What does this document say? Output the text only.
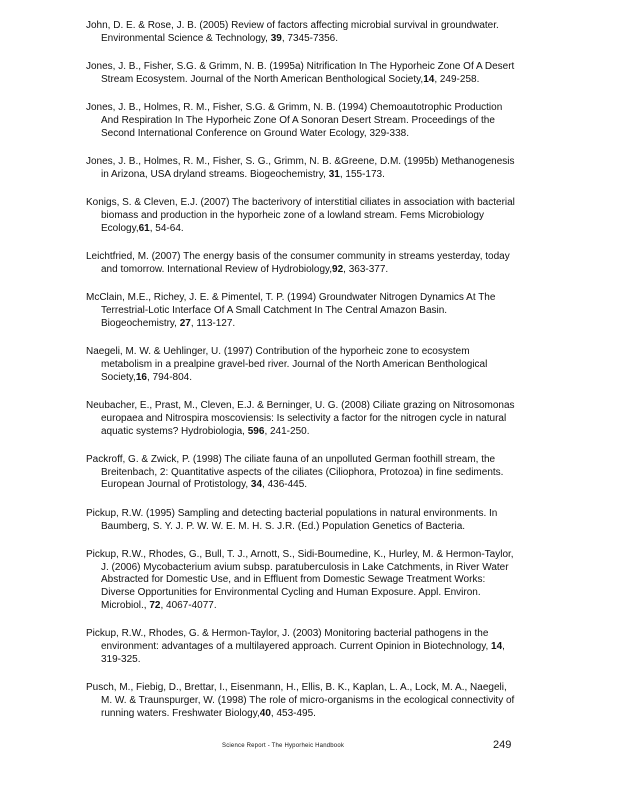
John, D. E. & Rose, J. B. (2005) Review of factors affecting microbial survival in groundwater. Environmental Science & Technology, 39, 7345-7356.

Jones, J. B., Fisher, S.G. & Grimm, N. B. (1995a) Nitrification In The Hyporheic Zone Of A Desert Stream Ecosystem. Journal of the North American Benthological Society,14, 249-258.

Jones, J. B., Holmes, R. M., Fisher, S.G. & Grimm, N. B. (1994) Chemoautotrophic Production And Respiration In The Hyporheic Zone Of A Sonoran Desert Stream. Proceedings of the Second International Conference on Ground Water Ecology, 329-338.

Jones, J. B., Holmes, R. M., Fisher, S. G., Grimm, N. B. &Greene, D.M. (1995b) Methanogenesis in Arizona, USA dryland streams. Biogeochemistry, 31, 155-173.

Konigs, S. & Cleven, E.J. (2007) The bacterivory of interstitial ciliates in association with bacterial biomass and production in the hyporheic zone of a lowland stream. Fems Microbiology Ecology,61, 54-64.

Leichtfried, M. (2007) The energy basis of the consumer community in streams yesterday, today and tomorrow. International Review of Hydrobiology,92, 363-377.

McClain, M.E., Richey, J. E. & Pimentel, T. P. (1994) Groundwater Nitrogen Dynamics At The Terrestrial-Lotic Interface Of A Small Catchment In The Central Amazon Basin. Biogeochemistry, 27, 113-127.

Naegeli, M. W. & Uehlinger, U. (1997) Contribution of the hyporheic zone to ecosystem metabolism in a prealpine gravel-bed river. Journal of the North American Benthological Society,16, 794-804.

Neubacher, E., Prast, M., Cleven, E.J. & Berninger, U. G. (2008) Ciliate grazing on Nitrosomonas europaea and Nitrospira moscoviensis: Is selectivity a factor for the nitrogen cycle in natural aquatic systems? Hydrobiologia, 596, 241-250.

Packroff, G. & Zwick, P. (1998) The ciliate fauna of an unpolluted German foothill stream, the Breitenbach, 2: Quantitative aspects of the ciliates (Ciliophora, Protozoa) in fine sediments. European Journal of Protistology, 34, 436-445.

Pickup, R.W. (1995) Sampling and detecting bacterial populations in natural environments. In Baumberg, S. Y. J. P. W. W. E. M. H. S. J.R. (Ed.) Population Genetics of Bacteria.

Pickup, R.W., Rhodes, G., Bull, T. J., Arnott, S., Sidi-Boumedine, K., Hurley, M. & Hermon-Taylor, J. (2006) Mycobacterium avium subsp. paratuberculosis in Lake Catchments, in River Water Abstracted for Domestic Use, and in Effluent from Domestic Sewage Treatment Works: Diverse Opportunities for Environmental Cycling and Human Exposure. Appl. Environ. Microbiol., 72, 4067-4077.

Pickup, R.W., Rhodes, G. & Hermon-Taylor, J. (2003) Monitoring bacterial pathogens in the environment: advantages of a multilayered approach. Current Opinion in Biotechnology, 14, 319-325.

Pusch, M., Fiebig, D., Brettar, I., Eisenmann, H., Ellis, B. K., Kaplan, L. A., Lock, M. A., Naegeli, M. W. & Traunspurger, W. (1998) The role of micro-organisms in the ecological connectivity of running waters. Freshwater Biology,40, 453-495.

Science Report - The Hyporheic Handbook	249
